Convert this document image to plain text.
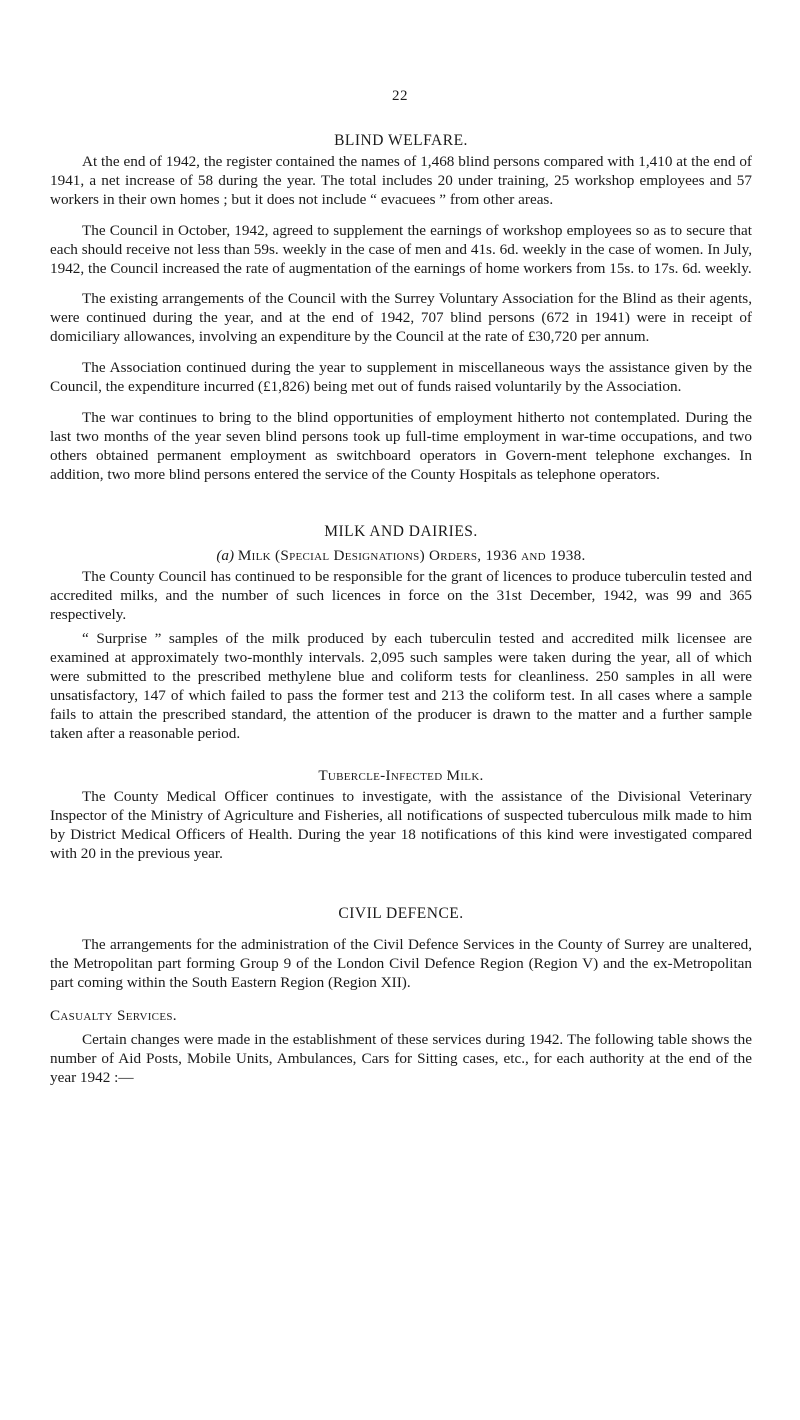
22
BLIND WELFARE.

At the end of 1942, the register contained the names of 1,468 blind persons compared with 1,410 at the end of 1941, a net increase of 58 during the year. The total includes 20 under training, 25 workshop employees and 57 workers in their own homes ; but it does not include “ evacuees ” from other areas.

The Council in October, 1942, agreed to supplement the earnings of workshop employees so as to secure that each should receive not less than 59s. weekly in the case of men and 41s. 6d. weekly in the case of women. In July, 1942, the Council increased the rate of augmentation of the earnings of home workers from 15s. to 17s. 6d. weekly.

The existing arrangements of the Council with the Surrey Voluntary Association for the Blind as their agents, were continued during the year, and at the end of 1942, 707 blind persons (672 in 1941) were in receipt of domiciliary allowances, involving an expenditure by the Council at the rate of £30,720 per annum.

The Association continued during the year to supplement in miscellaneous ways the assistance given by the Council, the expenditure incurred (£1,826) being met out of funds raised voluntarily by the Association.

The war continues to bring to the blind opportunities of employment hitherto not contemplated. During the last two months of the year seven blind persons took up full-time employment in war-time occupations, and two others obtained permanent employment as switchboard operators in Govern-ment telephone exchanges. In addition, two more blind persons entered the service of the County Hospitals as telephone operators.

MILK AND DAIRIES.
(a) Milk (Special Designations) Orders, 1936 and 1938.

The County Council has continued to be responsible for the grant of licences to produce tuberculin tested and accredited milks, and the number of such licences in force on the 31st December, 1942, was 99 and 365 respectively.

“ Surprise ” samples of the milk produced by each tuberculin tested and accredited milk licensee are examined at approximately two-monthly intervals. 2,095 such samples were taken during the year, all of which were submitted to the prescribed methylene blue and coliform tests for cleanliness. 250 samples in all were unsatisfactory, 147 of which failed to pass the former test and 213 the coliform test. In all cases where a sample fails to attain the prescribed standard, the attention of the producer is drawn to the matter and a further sample taken after a reasonable period.

Tubercle-Infected Milk.

The County Medical Officer continues to investigate, with the assistance of the Divisional Veterinary Inspector of the Ministry of Agriculture and Fisheries, all notifications of suspected tuberculous milk made to him by District Medical Officers of Health. During the year 18 notifications of this kind were investigated compared with 20 in the previous year.

CIVIL DEFENCE.

The arrangements for the administration of the Civil Defence Services in the County of Surrey are unaltered, the Metropolitan part forming Group 9 of the London Civil Defence Region (Region V) and the ex-Metropolitan part coming within the South Eastern Region (Region XII).

Casualty Services.

Certain changes were made in the establishment of these services during 1942. The following table shows the number of Aid Posts, Mobile Units, Ambulances, Cars for Sitting cases, etc., for each authority at the end of the year 1942 :—
